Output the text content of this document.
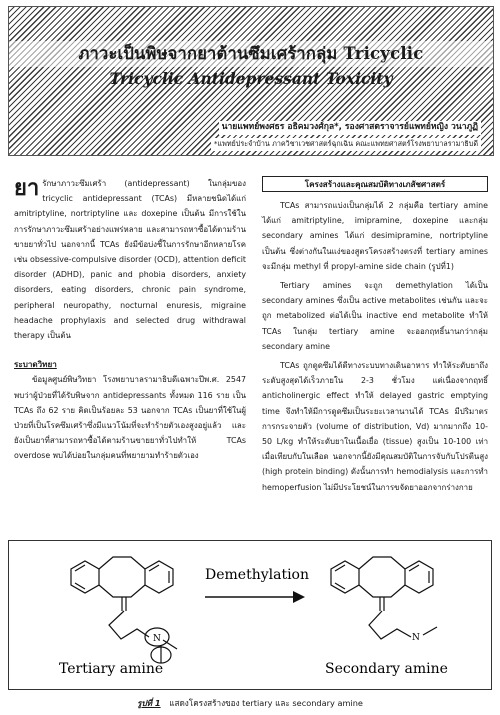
ภาวะเป็นพิษจากยาต้านซึมเศร้ากลุ่ม Tricyclic
Tricyclic Antidepressant Toxicity
นายแพทย์พงศธร อธิคมวงศ์กุล*, รองศาสตราจารย์แพทย์หญิง วนาภูฏิ
*แพทย์ประจำบ้าน ภาควิชาเวชศาสตร์ฉุกเฉิน คณะแพทยศาสตร์โรงพยาบาลรามาธิบดี

ยา รักษาภาวะซึมเศร้า (antidepressant) ในกลุ่มของ tricyclic antidepressant (TCAs) มีหลายชนิดได้แก่ amitriptyline, nortriptyline และ doxepine เป็นต้น มีการใช้ในการรักษาภาวะซึมเศร้าอย่างแพร่หลาย และสามารถหาซื้อได้ตามร้านขายยาทั่วไป นอกจากนี้ TCAs ยังมีข้อบ่งชี้ในการรักษาอีกหลายโรค เช่น obsessive-compulsive disorder (OCD), attention deficit disorder (ADHD), panic and phobia disorders, anxiety disorders, eating disorders, chronic pain syndrome, peripheral neuropathy, nocturnal enuresis, migraine headache prophylaxis and selected drug withdrawal therapy เป็นต้น

ระบาดวิทยา

ข้อมูลศูนย์พิษวิทยา โรงพยาบาลรามาธิบดีเฉพาะปีพ.ศ. 2547 พบว่าผู้ป่วยที่ได้รับพิษจาก antidepressants ทั้งหมด 116 ราย เป็น TCAs ถึง 62 ราย คิดเป็นร้อยละ 53 นอกจาก TCAs เป็นยาที่ใช้ในผู้ป่วยที่เป็นโรคซึมเศร้าซึ่งมีแนวโน้มที่จะทำร้ายตัวเองสูงอยู่แล้ว และยังเป็นยาที่สามารถหาซื้อได้ตามร้านขายยาทั่วไปทำให้ TCAs overdose พบได้บ่อยในกลุ่มคนที่พยายามทำร้ายตัวเอง

โครงสร้างและคุณสมบัติทางเภสัชศาสตร์

TCAs สามารถแบ่งเป็นกลุ่มได้ 2 กลุ่มคือ tertiary amine ได้แก่ amitriptyline, imipramine, doxepine และกลุ่ม secondary amines ได้แก่ desimipramine, nortriptyline เป็นต้น ซึ่งต่างกันในแง่ของสูตรโครงสร้างตรงที่ tertiary amines จะมีกลุ่ม methyl ที่ propyl-amine side chain (รูปที่1)

Tertiary amines จะถูก demethylation ได้เป็น secondary amines ซึ่งเป็น active metabolites เช่นกัน และจะถูก metabolized ต่อได้เป็น inactive end metabolite ทำให้ TCAs ในกลุ่ม tertiary amine จะออกฤทธิ์นานกว่ากลุ่ม secondary amine

TCAs ถูกดูดซึมได้ดีทางระบบทางเดินอาหาร ทำให้ระดับยาถึงระดับสูงสุดได้เร็วภายใน 2-3 ชั่วโมง แต่เนื่องจากฤทธิ์ anticholinergic effect ทำให้ delayed gastric emptying time จึงทำให้มีการดูดซึมเป็นระยะเวลานานได้ TCAs มีปริมาตรการกระจายตัว (volume of distribution, Vd) มากมากถึง 10-50 L/kg ทำให้ระดับยาในเนื้อเยื่อ (tissue) สูงเป็น 10-100 เท่าเมื่อเทียบกับในเลือด นอกจากนี้ยังมีคุณสมบัติในการจับกับโปรตีนสูง (high protein binding) ดังนั้นการทำ hemodialysis และการทำ hemoperfusion ไม่มีประโยชน์ในการขจัดยาออกจากร่างกาย

N
Demethylation
N
Tertiary amine	Secondary amine
รูปที่ 1 แสดงโครงสร้างของ tertiary และ secondary amine
